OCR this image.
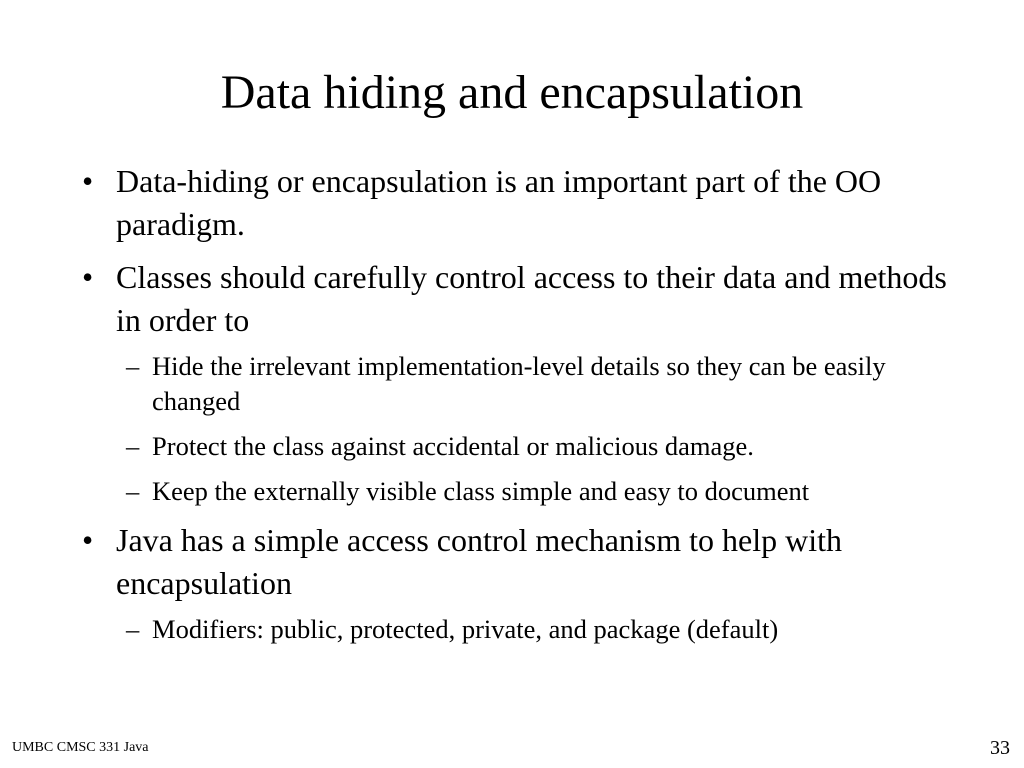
Data hiding and encapsulation
• Data-hiding or encapsulation is an important part of the OO paradigm.
• Classes should carefully control access to their data and methods in order to
– Hide the irrelevant implementation-level details so they can be easily changed
– Protect the class against accidental or malicious damage.
– Keep the externally visible class simple and easy to document
• Java has a simple access control mechanism to help with encapsulation
– Modifiers: public, protected, private, and package (default)
UMBC CMSC 331 Java	33
